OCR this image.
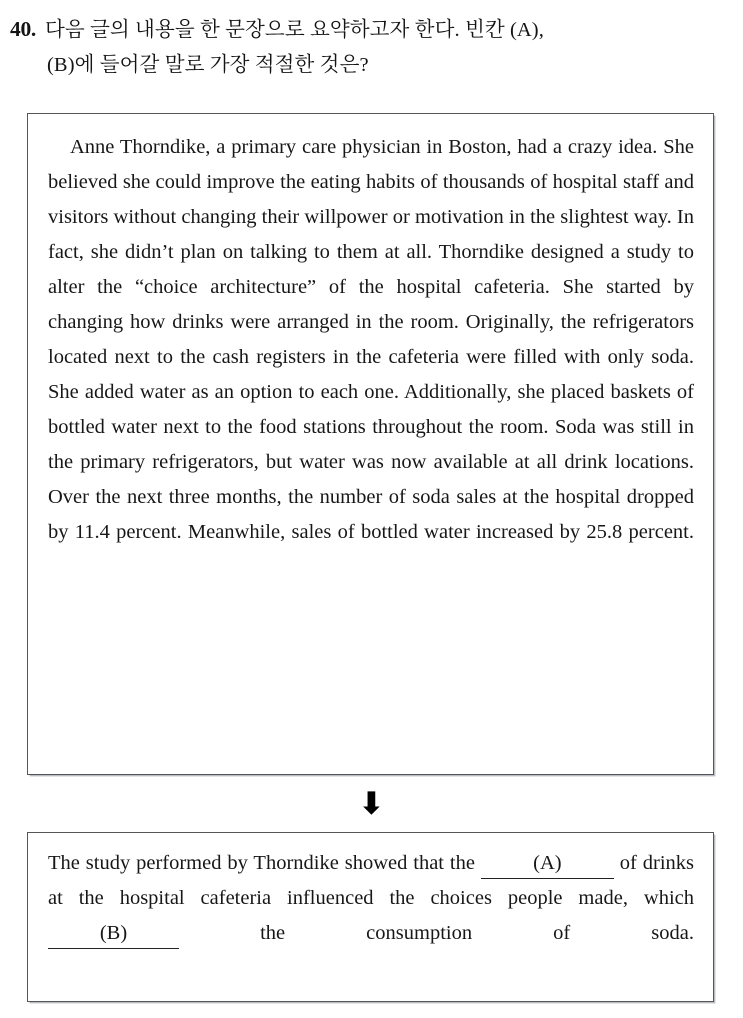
40. 다음 글의 내용을 한 문장으로 요약하고자 한다. 빈칸 (A),
(B)에 들어갈 말로 가장 적절한 것은?

Anne Thorndike, a primary care physician in Boston, had a crazy idea. She believed she could improve the eating habits of thousands of hospital staff and visitors without changing their willpower or motivation in the slightest way. In fact, she didn’t plan on talking to them at all. Thorndike designed a study to alter the “choice architecture” of the hospital cafeteria. She started by changing how drinks were arranged in the room. Originally, the refrigerators located next to the cash registers in the cafeteria were filled with only soda. She added water as an option to each one. Additionally, she placed baskets of bottled water next to the food stations throughout the room. Soda was still in the primary refrigerators, but water was now available at all drink locations. Over the next three months, the number of soda sales at the hospital dropped by 11.4 percent. Meanwhile, sales of bottled water increased by 25.8 percent.

⬇

The study performed by Thorndike showed that the	(A)	of drinks at the hospital cafeteria influenced the choices people made, which (B)	the consumption of soda.
